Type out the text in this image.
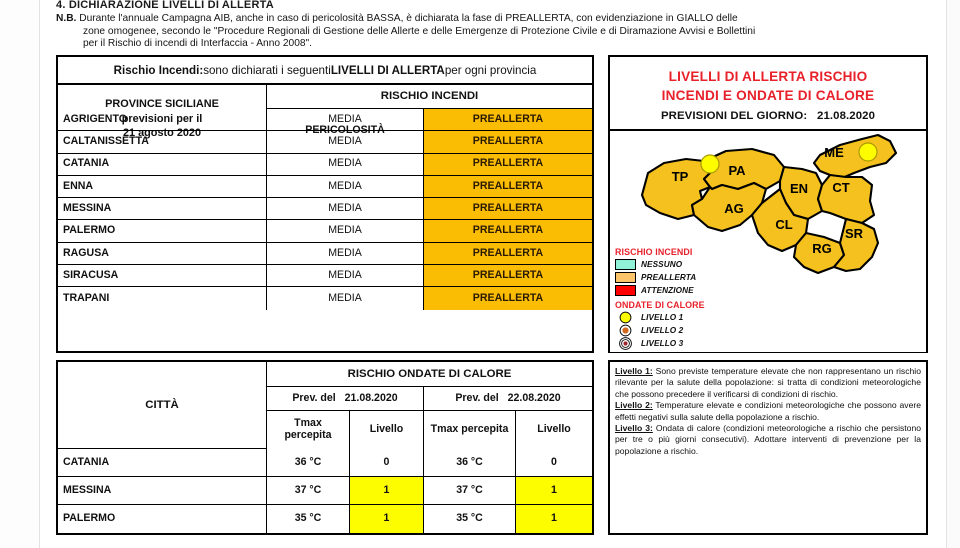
4. DICHIARAZIONE LIVELLI DI ALLERTA
N.B. Durante l'annuale Campagna AIB, anche in caso di pericolosità BASSA, è dichiarata la fase di PREALLERTA, con evidenziazione in GIALLO delle
zone omogenee, secondo le "Procedure Regionali di Gestione delle Allerte e delle Emergenze di Protezione Civile e di Diramazione Avvisi e Bollettini
per il Rischio di incendi di Interfaccia - Anno 2008".
Rischio Incendi: sono dichiarati i seguenti LIVELLI DI ALLERTA per ogni provincia
PROVINCE SICILIANE
previsioni per il
21 agosto 2020
RISCHIO INCENDI
PERICOLOSITÀ
AGRIGENTO	MEDIA	PREALLERTA
CALTANISSETTA	MEDIA	PREALLERTA
CATANIA	MEDIA	PREALLERTA
ENNA	MEDIA	PREALLERTA
MESSINA	MEDIA	PREALLERTA
PALERMO	MEDIA	PREALLERTA
RAGUSA	MEDIA	PREALLERTA
SIRACUSA	MEDIA	PREALLERTA
TRAPANI	MEDIA	PREALLERTA
CITTÀ
RISCHIO ONDATE DI CALORE
Prev. del
21.08.2020	Prev. del
22.08.2020
Tmax
percepita	Livello	Tmax percepita	Livello
CATANIA	36 °C	0	36 °C	0
MESSINA	37 °C	1	37 °C	1
PALERMO	35 °C	1	35 °C	1
LIVELLI DI ALLERTA RISCHIO
INCENDI E ONDATE DI CALORE
PREVISIONI DEL GIORNO: 21.08.2020
TP	PA
ME
EN CT
AG
CL
RG
SR
RISCHIO INCENDI
NESSUNO
PREALLERTA
ATTENZIONE
ONDATE DI CALORE
LIVELLO 1
LIVELLO 2
LIVELLO 3

Livello 1: Sono previste temperature elevate che non rappresentano un rischio rilevante per la salute della popolazione: si tratta di condizioni meteorologiche che possono precedere il verificarsi di condizioni di rischio.

Livello 2: Temperature elevate e condizioni meteorologiche che possono avere effetti negativi sulla salute della popolazione a rischio.

Livello 3: Ondata di calore (condizioni meteorologiche a rischio che persistono per tre o più giorni consecutivi). Adottare interventi di prevenzione per la popolazione a rischio.
